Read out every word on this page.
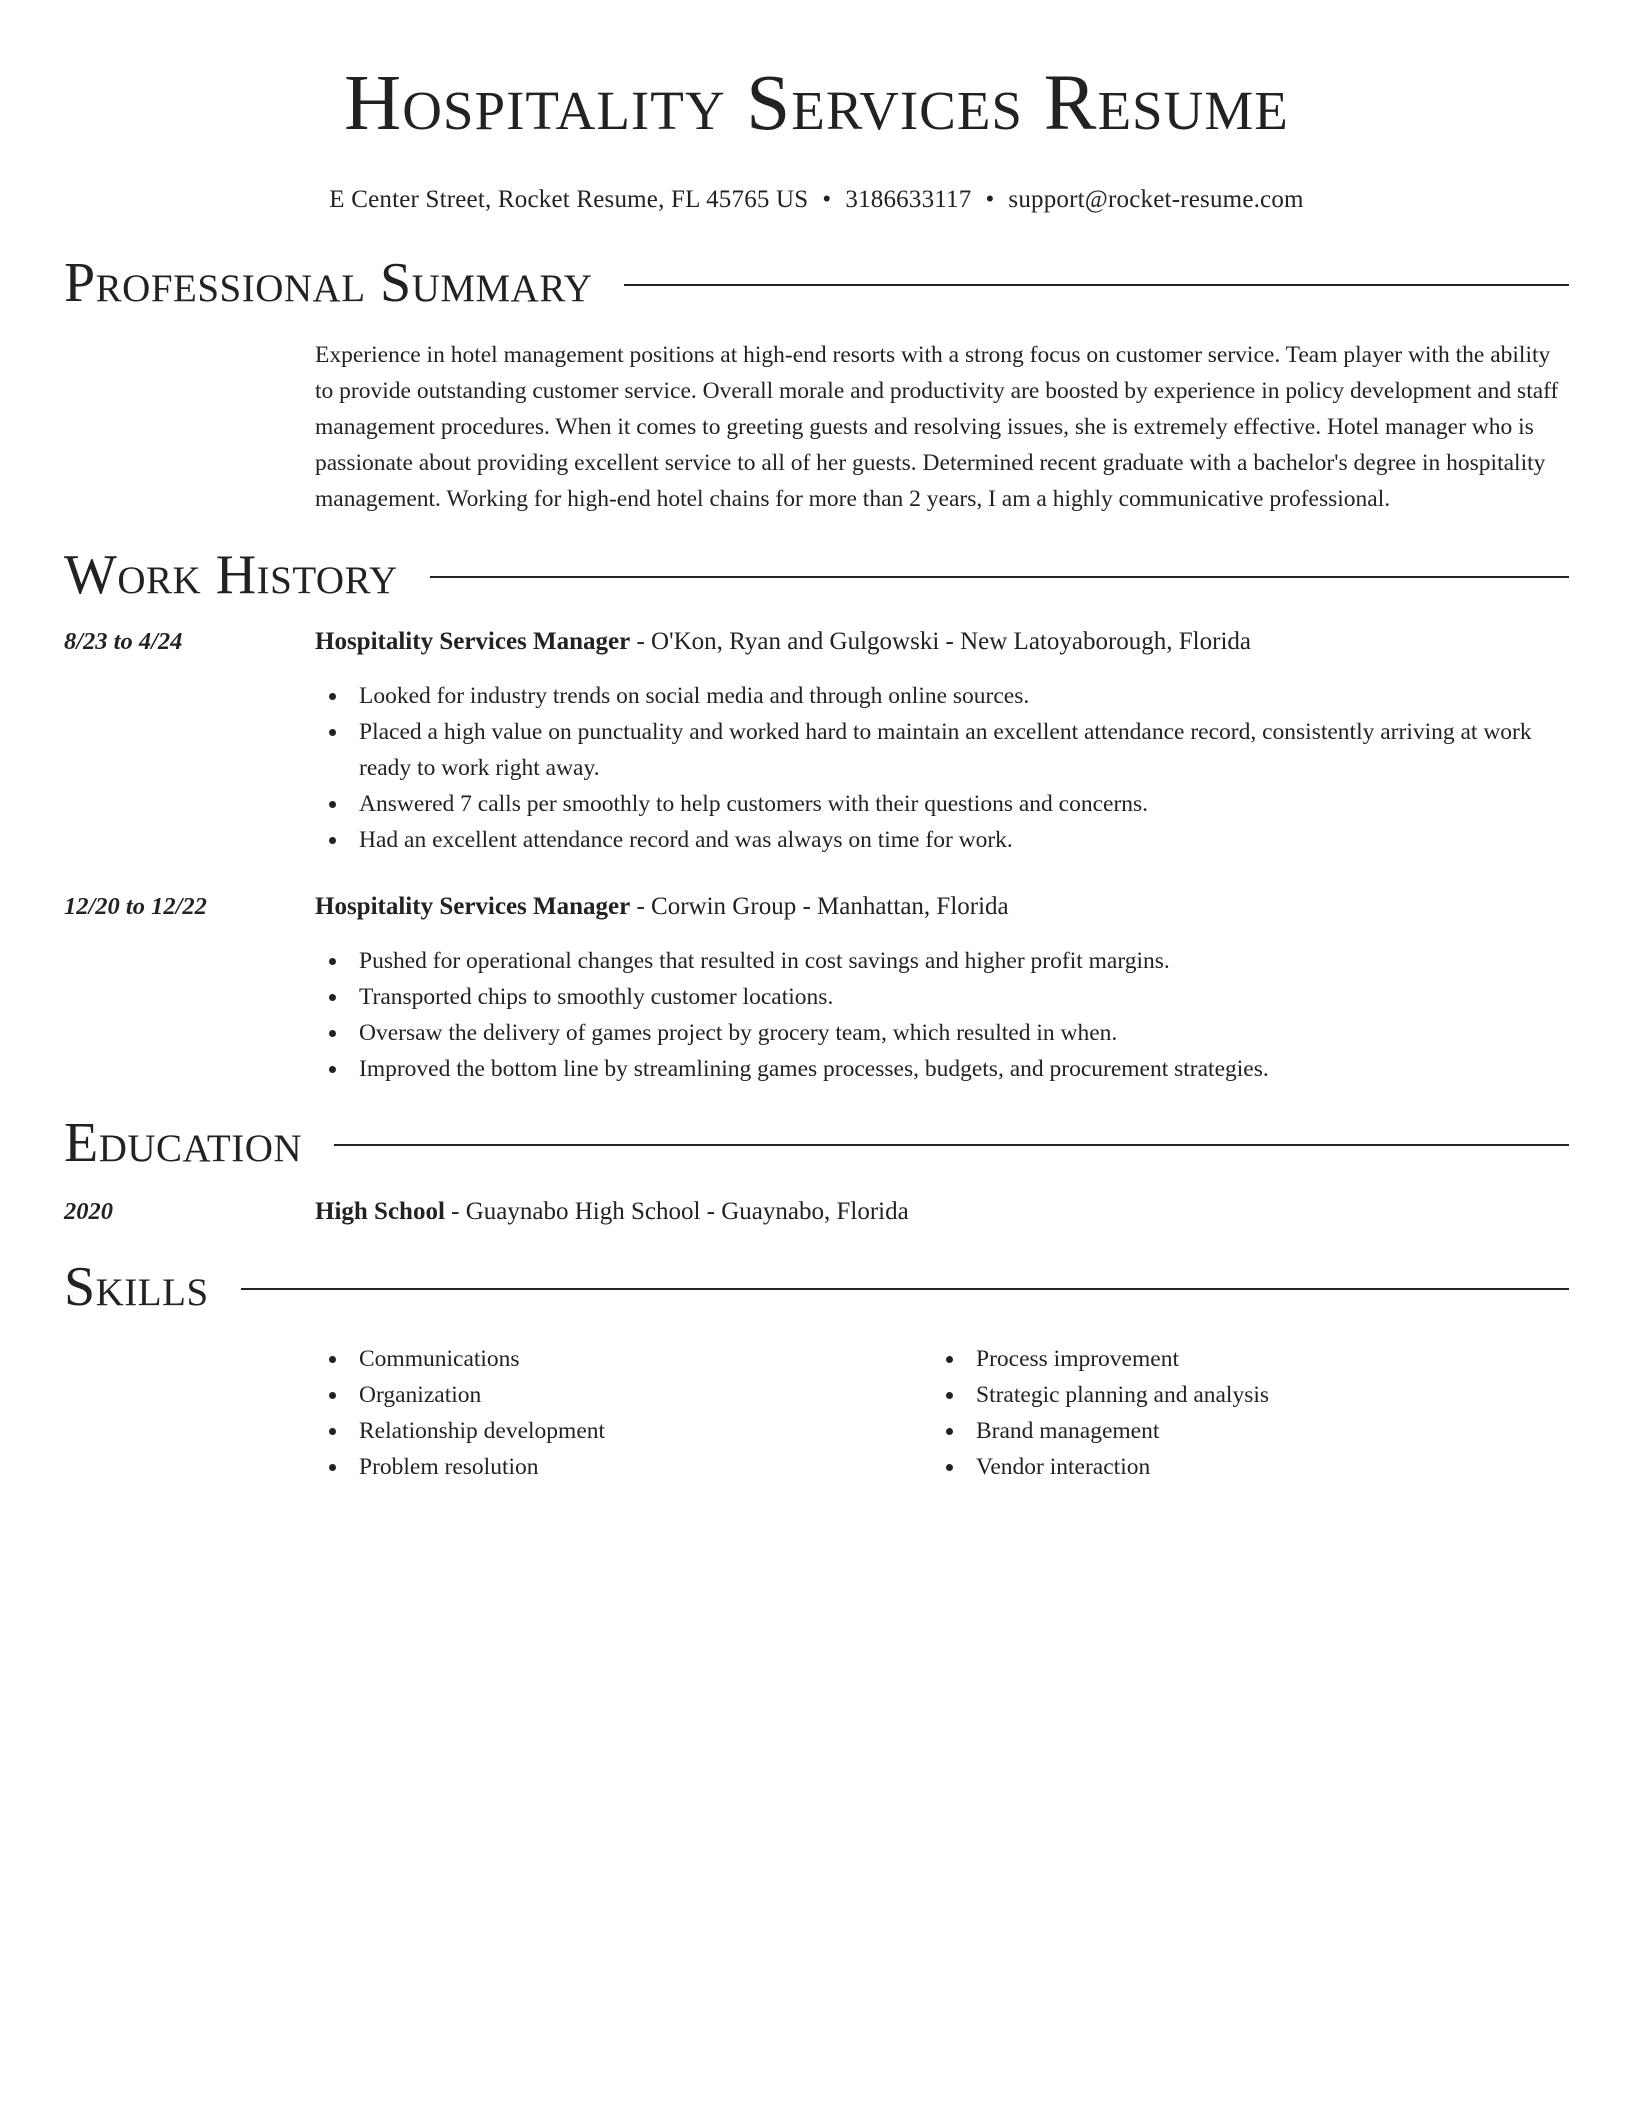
Hospitality Services Resume
E Center Street, Rocket Resume, FL 45765 US • 3186633117 • support@rocket-resume.com
Professional Summary

Experience in hotel management positions at high-end resorts with a strong focus on customer service. Team player with the ability to provide outstanding customer service. Overall morale and productivity are boosted by experience in policy development and staff management procedures. When it comes to greeting guests and resolving issues, she is extremely effective. Hotel manager who is passionate about providing excellent service to all of her guests. Determined recent graduate with a bachelor's degree in hospitality management. Working for high-end hotel chains for more than 2 years, I am a highly communicative professional.

Work History
8/23 to 4/24	Hospitality Services Manager - O'Kon, Ryan and Gulgowski - New Latoyaborough, Florida
Looked for industry trends on social media and through online sources.
Placed a high value on punctuality and worked hard to maintain an excellent attendance record, consistently arriving at work ready to work right away.
Answered 7 calls per smoothly to help customers with their questions and concerns.
Had an excellent attendance record and was always on time for work.
12/20 to 12/22	Hospitality Services Manager - Corwin Group - Manhattan, Florida
Pushed for operational changes that resulted in cost savings and higher profit margins.
Transported chips to smoothly customer locations.
Oversaw the delivery of games project by grocery team, which resulted in when.
Improved the bottom line by streamlining games processes, budgets, and procurement strategies.
Education
2020	High School - Guaynabo High School - Guaynabo, Florida
Skills
Communications
Organization
Relationship development
Problem resolution
Process improvement
Strategic planning and analysis
Brand management
Vendor interaction
